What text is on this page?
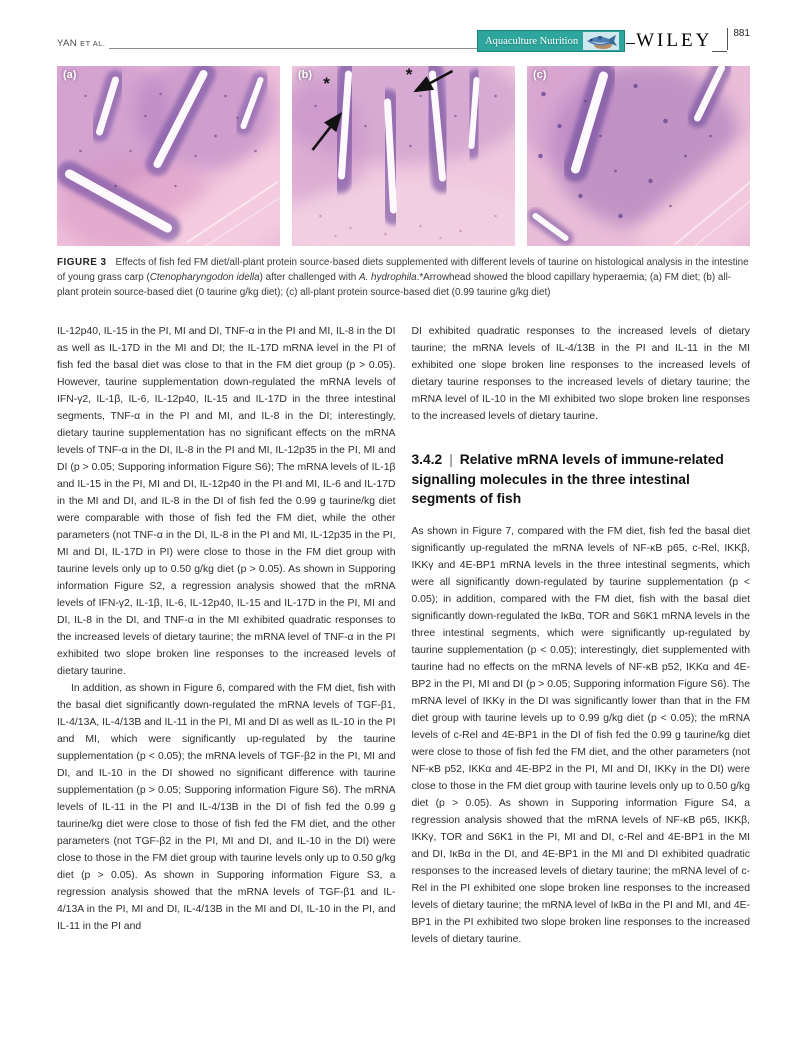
YAN ET AL.	Aquaculture Nutrition	WILEY	881
(a)	*	*
(b)	(c)
FIGURE 3 Effects of fish fed FM diet/all-plant protein source-based diets supplemented with different levels of taurine on histological analysis in the intestine of young grass carp (Ctenopharyngodon idella) after challenged with A. hydrophila.*Arrowhead showed the blood capillary hyperaemia; (a) FM diet; (b) all-plant protein source-based diet (0 taurine g/kg diet); (c) all-plant protein source-based diet (0.99 taurine g/kg diet)

IL-12p40, IL-15 in the PI, MI and DI, TNF-α in the PI and MI, IL-8 in the DI as well as IL-17D in the MI and DI; the IL-17D mRNA level in the PI of fish fed the basal diet was close to that in the FM diet group (p > 0.05). However, taurine supplementation down-regulated the mRNA levels of IFN-γ2, IL-1β, IL-6, IL-12p40, IL-15 and IL-17D in the three intestinal segments, TNF-α in the PI and MI, and IL-8 in the DI; interestingly, dietary taurine supplementation has no significant effects on the mRNA levels of TNF-α in the DI, IL-8 in the PI and MI, IL-12p35 in the PI, MI and DI (p > 0.05; Supporing information Figure S6); The mRNA levels of IL-1β and IL-15 in the PI, MI and DI, IL-12p40 in the PI and MI, IL-6 and IL-17D in the MI and DI, and IL-8 in the DI of fish fed the 0.99 g taurine/kg diet were comparable with those of fish fed the FM diet, while the other parameters (not TNF-α in the DI, IL-8 in the PI and MI, IL-12p35 in the PI, MI and DI, IL-17D in PI) were close to those in the FM diet group with taurine levels only up to 0.50 g/kg diet (p > 0.05). As shown in Supporing information Figure S2, a regression analysis showed that the mRNA levels of IFN-γ2, IL-1β, IL-6, IL-12p40, IL-15 and IL-17D in the PI, MI and DI, IL-8 in the DI, and TNF-α in the MI exhibited quadratic responses to the increased levels of dietary taurine; the mRNA level of TNF-α in the PI exhibited two slope broken line responses to the increased levels of dietary taurine.

In addition, as shown in Figure 6, compared with the FM diet, fish with the basal diet significantly down-regulated the mRNA levels of TGF-β1, IL-4/13A, IL-4/13B and IL-11 in the PI, MI and DI as well as IL-10 in the PI and MI, which were significantly up-regulated by the taurine supplementation (p < 0.05); the mRNA levels of TGF-β2 in the PI, MI and DI, and IL-10 in the DI showed no significant difference with taurine supplementation (p > 0.05; Supporing information Figure S6). The mRNA levels of IL-11 in the PI and IL-4/13B in the DI of fish fed the 0.99 g taurine/kg diet were close to those of fish fed the FM diet, and the other parameters (not TGF-β2 in the PI, MI and DI, and IL-10 in the DI) were close to those in the FM diet group with taurine levels only up to 0.50 g/kg diet (p > 0.05). As shown in Supporing information Figure S3, a regression analysis showed that the mRNA levels of TGF-β1 and IL-4/13A in the PI, MI and DI, IL-4/13B in the MI and DI, IL-10 in the PI, and IL-11 in the PI and

DI exhibited quadratic responses to the increased levels of dietary taurine; the mRNA levels of IL-4/13B in the PI and IL-11 in the MI exhibited one slope broken line responses to the increased levels of dietary taurine responses to the increased levels of dietary taurine; the mRNA level of IL-10 in the MI exhibited two slope broken line responses to the increased levels of dietary taurine.

3.4.2 | Relative mRNA levels of immune-related signalling molecules in the three intestinal segments of fish

As shown in Figure 7, compared with the FM diet, fish fed the basal diet significantly up-regulated the mRNA levels of NF-κB p65, c-Rel, IKKβ, IKKγ and 4E-BP1 mRNA levels in the three intestinal segments, which were all significantly down-regulated by taurine supplementation (p < 0.05); in addition, compared with the FM diet, fish with the basal diet significantly down-regulated the IκBα, TOR and S6K1 mRNA levels in the three intestinal segments, which were significantly up-regulated by taurine supplementation (p < 0.05); interestingly, diet supplemented with taurine had no effects on the mRNA levels of NF-κB p52, IKKα and 4E-BP2 in the PI, MI and DI (p > 0.05; Supporing information Figure S6). The mRNA level of IKKγ in the DI was significantly lower than that in the FM diet group with taurine levels up to 0.99 g/kg diet (p < 0.05); the mRNA levels of c-Rel and 4E-BP1 in the DI of fish fed the 0.99 g taurine/kg diet were close to those of fish fed the FM diet, and the other parameters (not NF-κB p52, IKKα and 4E-BP2 in the PI, MI and DI, IKKγ in the DI) were close to those in the FM diet group with taurine levels only up to 0.50 g/kg diet (p > 0.05). As shown in Supporing information Figure S4, a regression analysis showed that the mRNA levels of NF-κB p65, IKKβ, IKKγ, TOR and S6K1 in the PI, MI and DI, c-Rel and 4E-BP1 in the MI and DI, IκBα in the DI, and 4E-BP1 in the MI and DI exhibited quadratic responses to the increased levels of dietary taurine; the mRNA level of c-Rel in the PI exhibited one slope broken line responses to the increased levels of dietary taurine; the mRNA level of IκBα in the PI and MI, and 4E-BP1 in the PI exhibited two slope broken line responses to the increased levels of dietary taurine.
